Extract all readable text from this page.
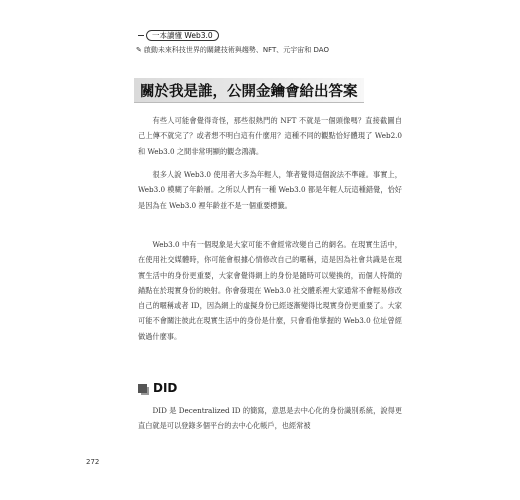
一本讀懂 Web3.0
✎ 啟動未來科技世界的關鍵技術與趨勢、NFT、元宇宙和 DAO
關於我是誰，公開金鑰會給出答案

有些人可能會覺得奇怪，那些很熱門的 NFT 不就是一個頭像嗎？直接截圖自己上傳不就完了？或者想不明白這有什麼用？這種不同的觀點恰好體現了 Web2.0 和 Web3.0 之間非常明顯的觀念鴻溝。

很多人說 Web3.0 使用者大多為年輕人，筆者覺得這個說法不準確。事實上，Web3.0 模糊了年齡層。之所以人們有一種 Web3.0 都是年輕人玩這種錯覺，恰好是因為在 Web3.0 裡年齡並不是一個重要標籤。

Web3.0 中有一個現象是大家可能不會經常改變自己的網名。在現實生活中，在使用社交媒體時，你可能會根據心情修改自己的暱稱，這是因為社會共識是在現實生活中的身份更重要，大家會覺得網上的身份是隨時可以變換的，而個人特徵的錨點在於現實身份的映射。你會發現在 Web3.0 社交體系裡大家通常不會輕易修改自己的暱稱或者 ID，因為網上的虛擬身份已經逐漸變得比現實身份更重要了。大家可能不會關注彼此在現實生活中的身份是什麼，只會看他掌握的 Web3.0 位址曾經做過什麼事。

DID

DID 是 Decentralized ID 的簡寫，意思是去中心化的身份識別系統，說得更直白就是可以登錄多個平台的去中心化帳戶，也經常被

272
